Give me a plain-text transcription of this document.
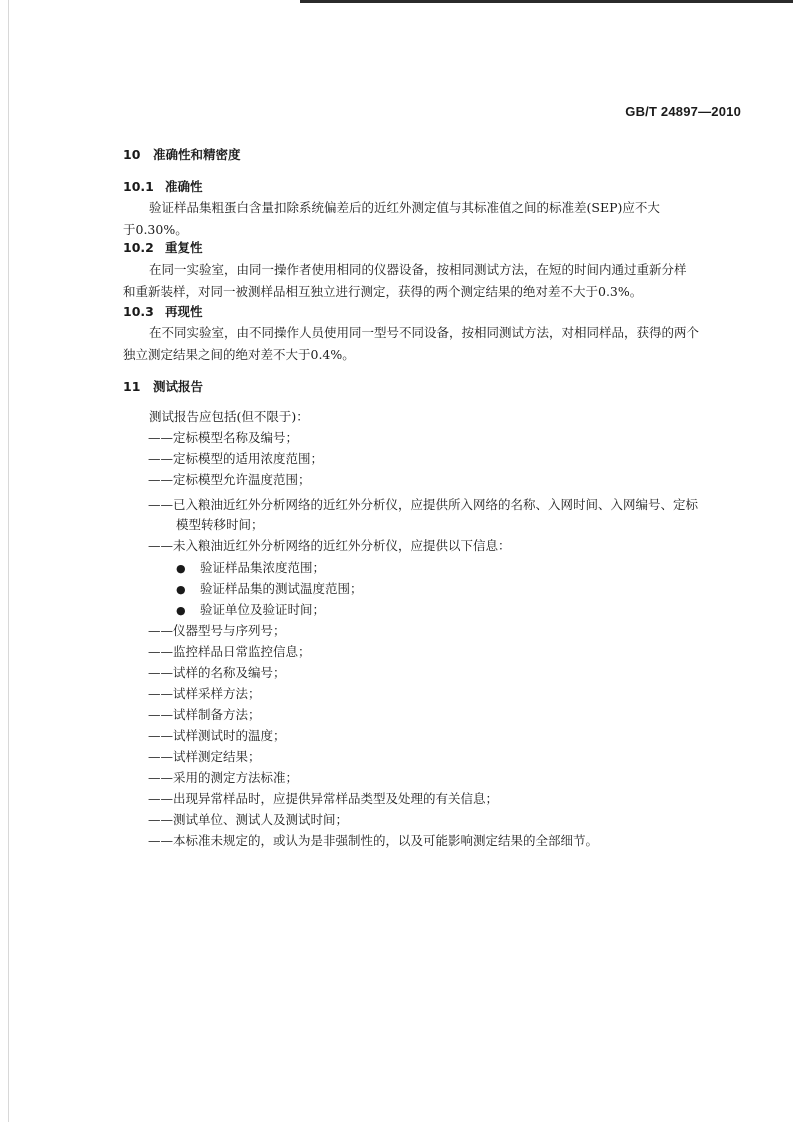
GB/T 24897—2010
10 准确性和精密度
10.1 准确性
验证样品集粗蛋白含量扣除系统偏差后的近红外测定值与其标准值之间的标准差(SEP)应不大
于0.30%。
10.2 重复性
在同一实验室，由同一操作者使用相同的仪器设备，按相同测试方法，在短的时间内通过重新分样
和重新装样，对同一被测样品相互独立进行测定，获得的两个测定结果的绝对差不大于0.3%。
10.3 再现性
在不同实验室，由不同操作人员使用同一型号不同设备，按相同测试方法，对相同样品，获得的两个
独立测定结果之间的绝对差不大于0.4%。
11 测试报告
测试报告应包括(但不限于)：
——定标模型名称及编号；
——定标模型的适用浓度范围；
——定标模型允许温度范围；
——已入粮油近红外分析网络的近红外分析仪，应提供所入网络的名称、入网时间、入网编号、定标
模型转移时间；
——未入粮油近红外分析网络的近红外分析仪，应提供以下信息：
● 验证样品集浓度范围；
● 验证样品集的测试温度范围；
● 验证单位及验证时间；
——仪器型号与序列号；
——监控样品日常监控信息；
——试样的名称及编号；
——试样采样方法；
——试样制备方法；
——试样测试时的温度；
——试样测定结果；
——采用的测定方法标准；
——出现异常样品时，应提供异常样品类型及处理的有关信息；
——测试单位、测试人及测试时间；
——本标准未规定的，或认为是非强制性的，以及可能影响测定结果的全部细节。
